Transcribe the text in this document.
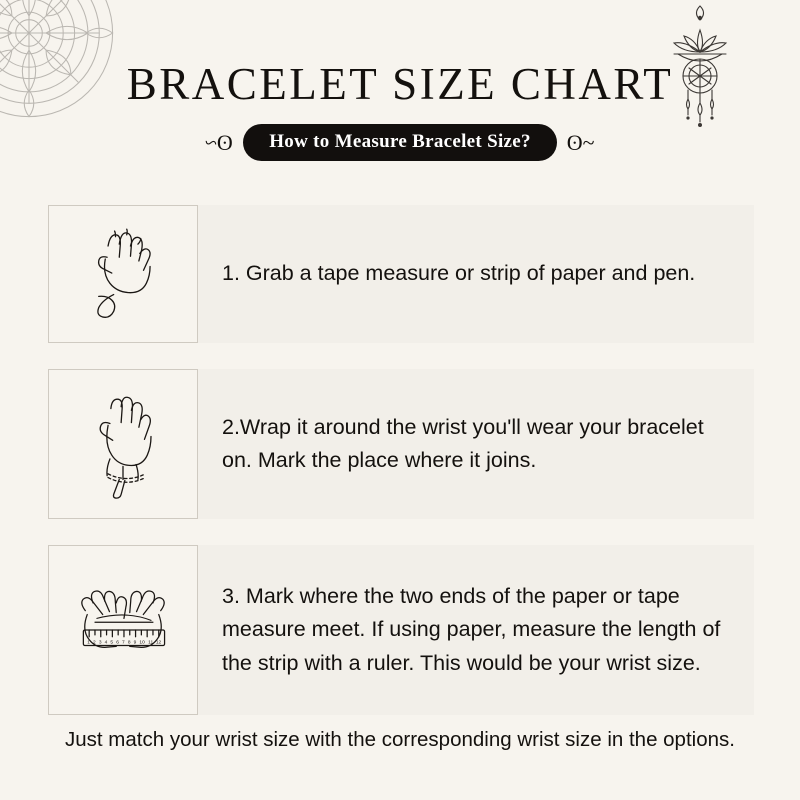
BRACELET SIZE CHART
ʘ~	How to Measure Bracelet Size?	ʘ~
1. Grab a tape measure or strip of paper and pen.
2.Wrap it around the wrist you'll wear your bracelet on. Mark the place where it joins.
1 2 3 4 5 6 7 8 9 10 11 12
3. Mark where the two ends of the paper or tape measure meet. If using paper, measure the length of the strip with a ruler. This would be your wrist size.
Just match your wrist size with the corresponding wrist size in the options.
